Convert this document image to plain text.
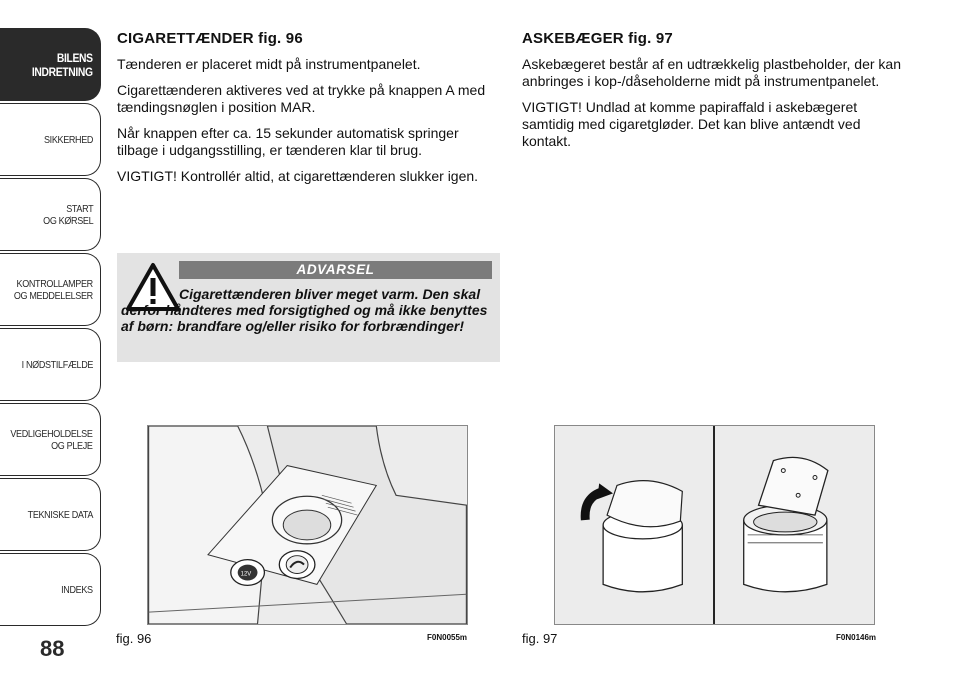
BILENS
INDRETNING
SIKKERHED
START
OG KØRSEL
KONTROLLAMPER
OG MEDDELELSER
I NØDSTILFÆLDE
VEDLIGEHOLDELSE
OG PLEJE
TEKNISKE DATA
INDEKS
88
CIGARETTÆNDER fig. 96

Tænderen er placeret midt på instrumentpanelet.

Cigarettænderen aktiveres ved at trykke på knappen A med tændingsnøglen i position MAR.

Når knappen efter ca. 15 sekunder automatisk springer tilbage i udgangsstilling, er tænderen klar til brug.

VIGTIGT! Kontrollér altid, at cigarettænderen slukker igen.

ASKEBÆGER fig. 97

Askebægeret består af en udtrækkelig plastbeholder, der kan anbringes i kop-/dåseholderne midt på instrumentpanelet.

VIGTIGT! Undlad at komme papiraffald i askebægeret samtidig med cigaretgløder. Det kan blive antændt ved kontakt.

ADVARSEL
Cigarettænderen bliver meget varm. Den skal derfor håndteres med forsigtighed og må ikke benyttes af børn: brandfare og/eller risiko for forbrændinger!
12V
fig. 96	F0N0055m	fig. 97	F0N0146m
